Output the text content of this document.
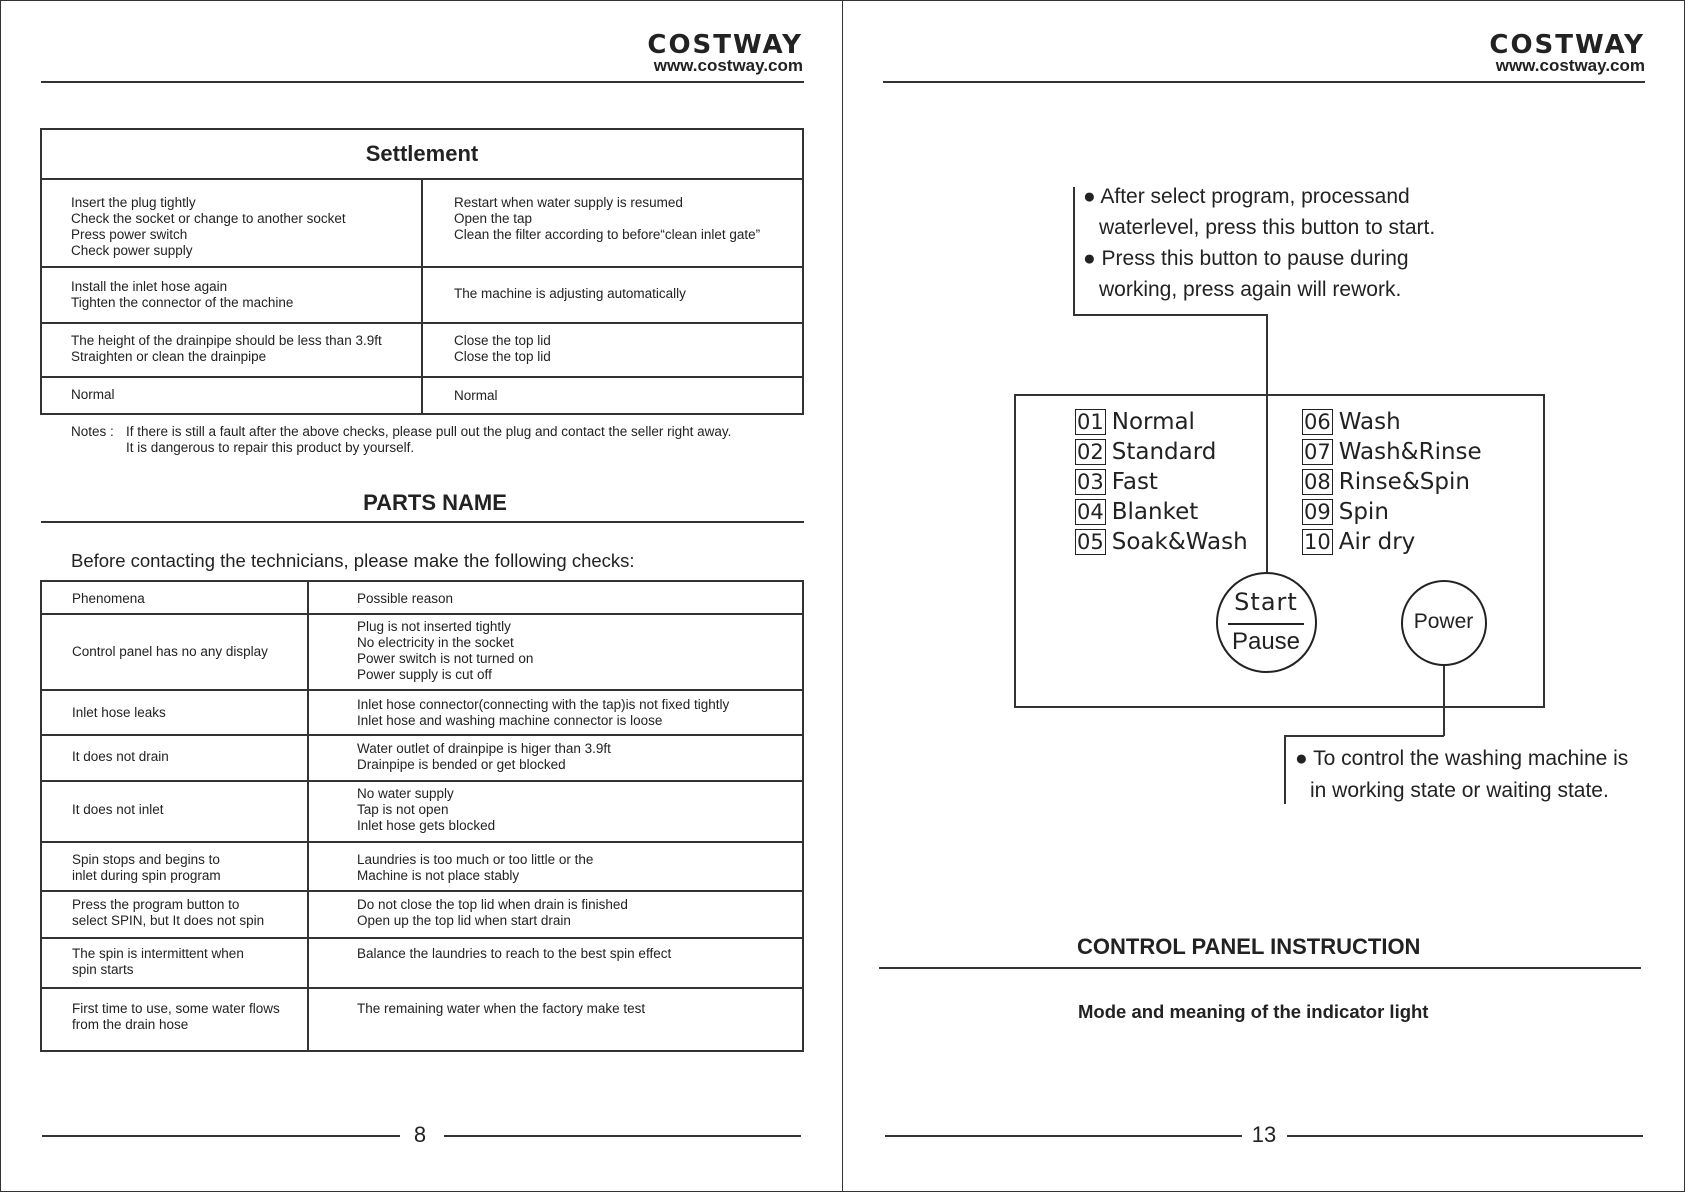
COSTWAY
www.costway.com
Settlement
Insert the plug tightly
Check the socket or change to another socket
Press power switch
Check power supply
Restart when water supply is resumed
Open the tap
Clean the filter according to before“clean inlet gate”
Install the inlet hose again
Tighten the connector of the machine
The machine is adjusting automatically
The height of the drainpipe should be less than 3.9ft
Straighten or clean the drainpipe
Close the top lid
Close the top lid
Normal	Normal
Notes : If there is still a fault after the above checks, please pull out the plug and contact the seller right away.
It is dangerous to repair this product by yourself.
PARTS NAME
Before contacting the technicians, please make the following checks:
Phenomena	Possible reason
Control panel has no any display
Plug is not inserted tightly
No electricity in the socket
Power switch is not turned on
Power supply is cut off
Inlet hose leaks
Inlet hose connector(connecting with the tap)is not fixed tightly
Inlet hose and washing machine connector is loose
It does not drain
Water outlet of drainpipe is higer than 3.9ft
Drainpipe is bended or get blocked
It does not inlet
No water supply
Tap is not open
Inlet hose gets blocked
Spin stops and begins to
inlet during spin program
Laundries is too much or too little or the
Machine is not place stably
Press the program button to
select SPIN, but It does not spin
Do not close the top lid when drain is finished
Open up the top lid when start drain
The spin is intermittent when
spin starts
Balance the laundries to reach to the best spin effect
First time to use, some water flows
from the drain hose
The remaining water when the factory make test
8
COSTWAY
www.costway.com
● After select program, processand
waterlevel, press this button to start.
● Press this button to pause during
working, press again will rework.
01 Normal
02 Standard
03 Fast
04 Blanket
05 Soak&Wash
06 Wash
07 Wash&Rinse
08 Rinse&Spin
09 Spin
10 Air dry
Start
Pause
Power
● To control the washing machine is
in working state or waiting state.
CONTROL PANEL INSTRUCTION
Mode and meaning of the indicator light
13
